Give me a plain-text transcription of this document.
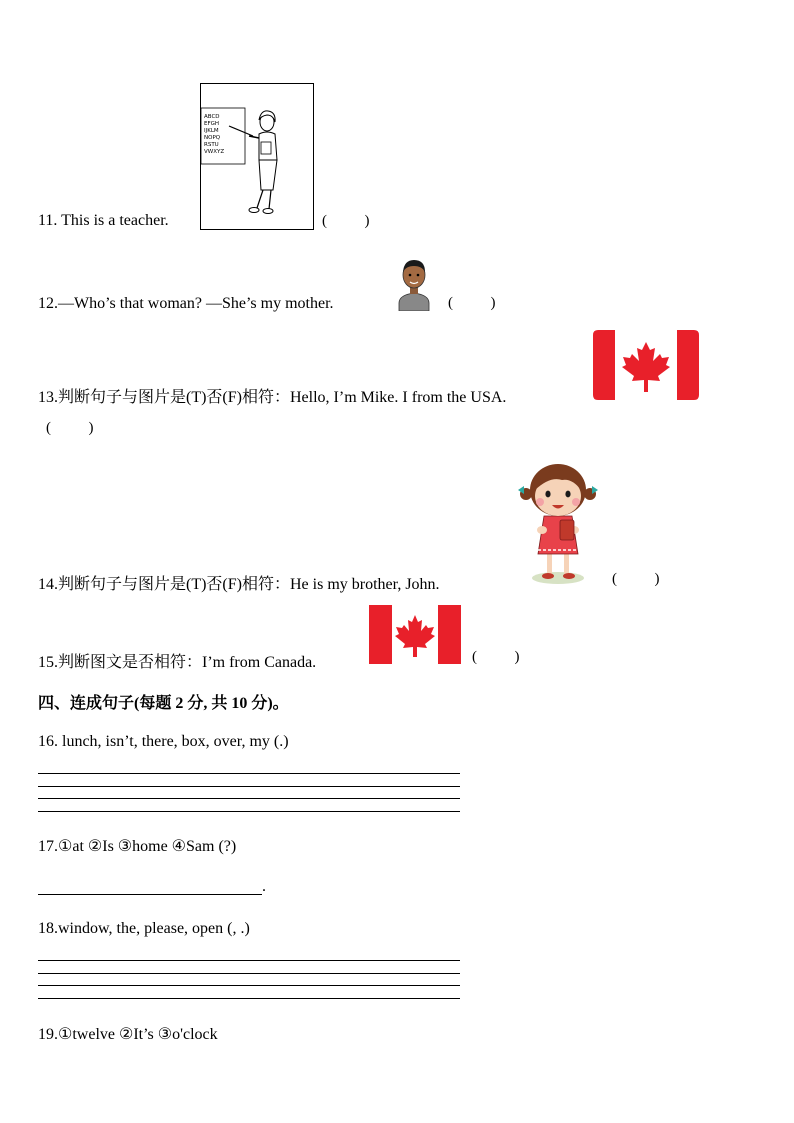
11. This is a teacher.
ABCD
EFGH
IJKLM
NOPQ
RSTU
VWXYZ
(          )
12.—Who’s that woman? —She’s my mother.	(          )
13.判断句子与图片是(T)否(F)相符：Hello, I’m Mike. I from the USA.
(          )
14.判断句子与图片是(T)否(F)相符：He is my brother, John.	(          )
15.判断图文是否相符：I’m from Canada.	(          )
四、连成句子(每题 2 分, 共 10 分)。
16. lunch, isn’t, there, box, over, my (.)
17.①at ②Is ③home ④Sam (?)
.
18.window, the, please, open (, .)
19.①twelve ②It’s ③o'clock
